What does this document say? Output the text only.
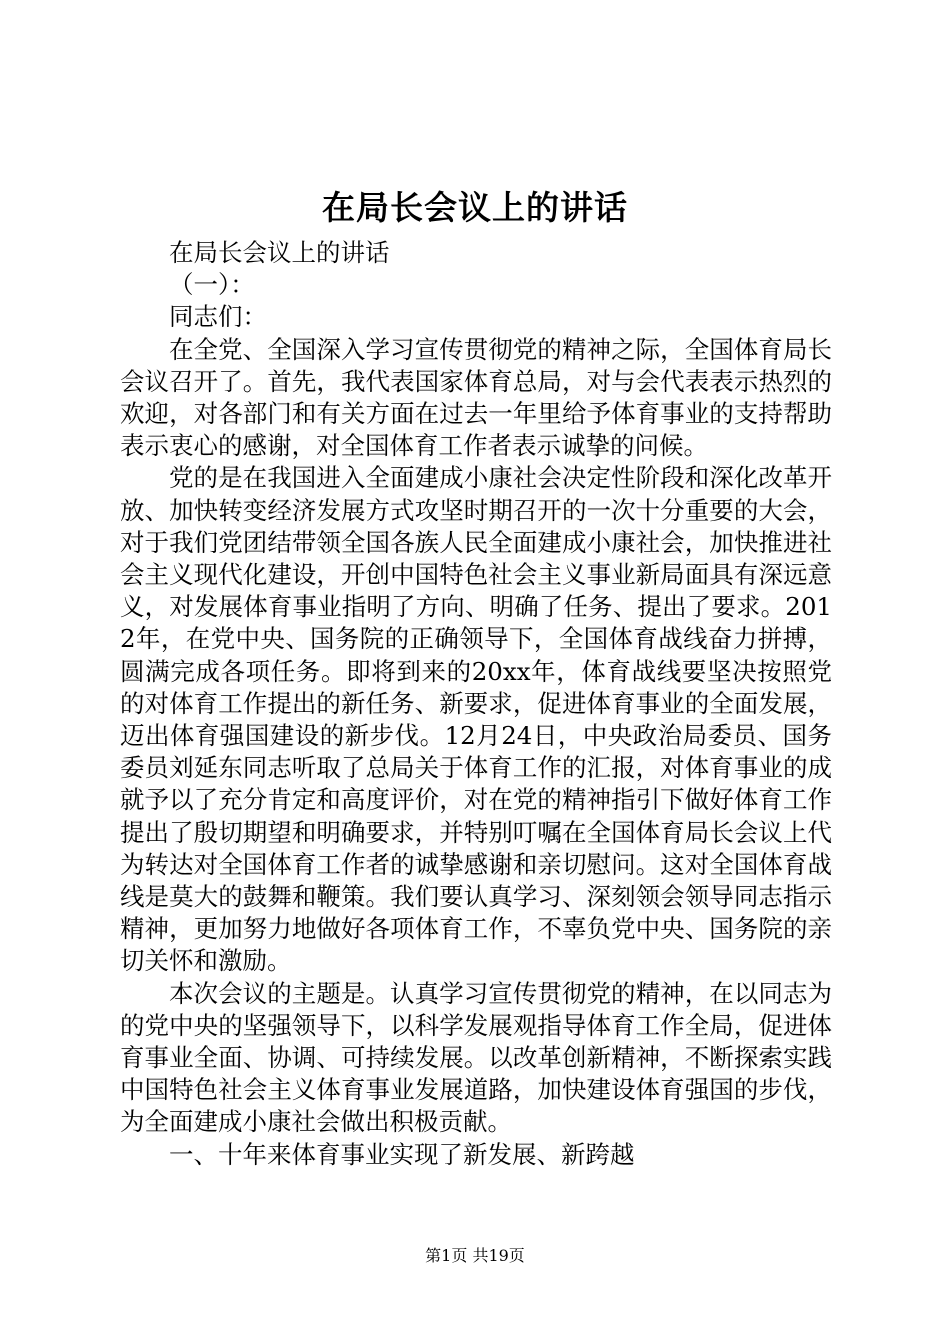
在局长会议上的讲话

在局长会议上的讲话

（一）：

同志们：

在全党、全国深入学习宣传贯彻党的精神之际，全国体育局长会议召开了。首先，我代表国家体育总局，对与会代表表示热烈的欢迎，对各部门和有关方面在过去一年里给予体育事业的支持帮助表示衷心的感谢，对全国体育工作者表示诚挚的问候。

党的是在我国进入全面建成小康社会决定性阶段和深化改革开放、加快转变经济发展方式攻坚时期召开的一次十分重要的大会，对于我们党团结带领全国各族人民全面建成小康社会，加快推进社会主义现代化建设，开创中国特色社会主义事业新局面具有深远意义，对发展体育事业指明了方向、明确了任务、提出了要求。2012年，在党中央、国务院的正确领导下，全国体育战线奋力拼搏，圆满完成各项任务。即将到来的20xx年，体育战线要坚决按照党的对体育工作提出的新任务、新要求，促进体育事业的全面发展，迈出体育强国建设的新步伐。12月24日，中央政治局委员、国务委员刘延东同志听取了总局关于体育工作的汇报，对体育事业的成就予以了充分肯定和高度评价，对在党的精神指引下做好体育工作提出了殷切期望和明确要求，并特别叮嘱在全国体育局长会议上代为转达对全国体育工作者的诚挚感谢和亲切慰问。这对全国体育战线是莫大的鼓舞和鞭策。我们要认真学习、深刻领会领导同志指示精神，更加努力地做好各项体育工作，不辜负党中央、国务院的亲切关怀和激励。

本次会议的主题是。认真学习宣传贯彻党的精神，在以同志为的党中央的坚强领导下，以科学发展观指导体育工作全局，促进体育事业全面、协调、可持续发展。以改革创新精神，不断探索实践中国特色社会主义体育事业发展道路，加快建设体育强国的步伐，为全面建成小康社会做出积极贡献。

一、十年来体育事业实现了新发展、新跨越

第1页 共19页
